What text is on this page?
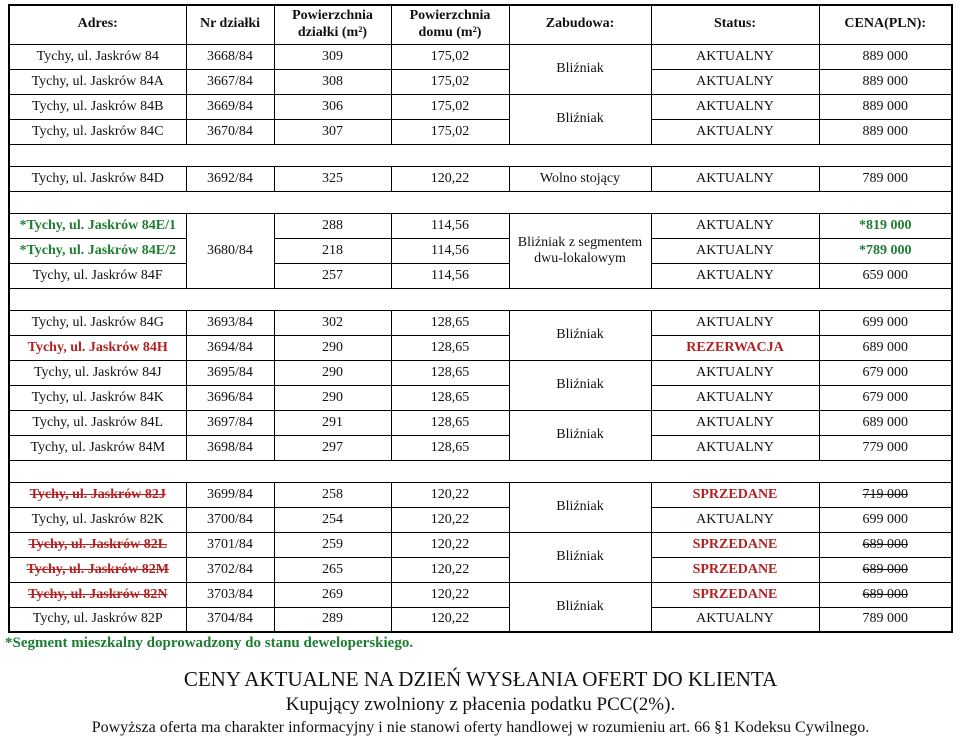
Adres:	Nr działki	Powierzchnia działki (m²)	Powierzchnia domu (m²)	Zabudowa:	Status:	CENA(PLN):
Tychy, ul. Jaskrów 84	3668/84	309	175,02	Bliźniak	AKTUALNY	889 000
Tychy, ul. Jaskrów 84A	3667/84	308	175,02		AKTUALNY	889 000
Tychy, ul. Jaskrów 84B	3669/84	306	175,02	Bliźniak	AKTUALNY	889 000
Tychy, ul. Jaskrów 84C	3670/84	307	175,02		AKTUALNY	889 000

Tychy, ul. Jaskrów 84D	3692/84	325	120,22	Wolno stojący	AKTUALNY	789 000

*Tychy, ul. Jaskrów 84E/1	3680/84	288	114,56	Bliźniak z segmentem dwu-lokalowym	AKTUALNY	*819 000
*Tychy, ul. Jaskrów 84E/2		218	114,56		AKTUALNY	*789 000
Tychy, ul. Jaskrów 84F		257	114,56		AKTUALNY	659 000

Tychy, ul. Jaskrów 84G	3693/84	302	128,65	Bliźniak	AKTUALNY	699 000
Tychy, ul. Jaskrów 84H	3694/84	290	128,65		REZERWACJA	689 000
Tychy, ul. Jaskrów 84J	3695/84	290	128,65	Bliźniak	AKTUALNY	679 000
Tychy, ul. Jaskrów 84K	3696/84	290	128,65		AKTUALNY	679 000
Tychy, ul. Jaskrów 84L	3697/84	291	128,65	Bliźniak	AKTUALNY	689 000
Tychy, ul. Jaskrów 84M	3698/84	297	128,65		AKTUALNY	779 000

Tychy, ul. Jaskrów 82J	3699/84	258	120,22	Bliźniak	SPRZEDANE	719 000
Tychy, ul. Jaskrów 82K	3700/84	254	120,22		AKTUALNY	699 000
Tychy, ul. Jaskrów 82L	3701/84	259	120,22	Bliźniak	SPRZEDANE	689 000
Tychy, ul. Jaskrów 82M	3702/84	265	120,22		SPRZEDANE	689 000
Tychy, ul. Jaskrów 82N	3703/84	269	120,22	Bliźniak	SPRZEDANE	689 000
Tychy, ul. Jaskrów 82P	3704/84	289	120,22		AKTUALNY	789 000
*Segment mieszkalny doprowadzony do stanu deweloperskiego.
CENY AKTUALNE NA DZIEŃ WYSŁANIA OFERT DO KLIENTA
Kupujący zwolniony z płacenia podatku PCC(2%).
Powyższa oferta ma charakter informacyjny i nie stanowi oferty handlowej w rozumieniu art. 66 §1 Kodeksu Cywilnego.
